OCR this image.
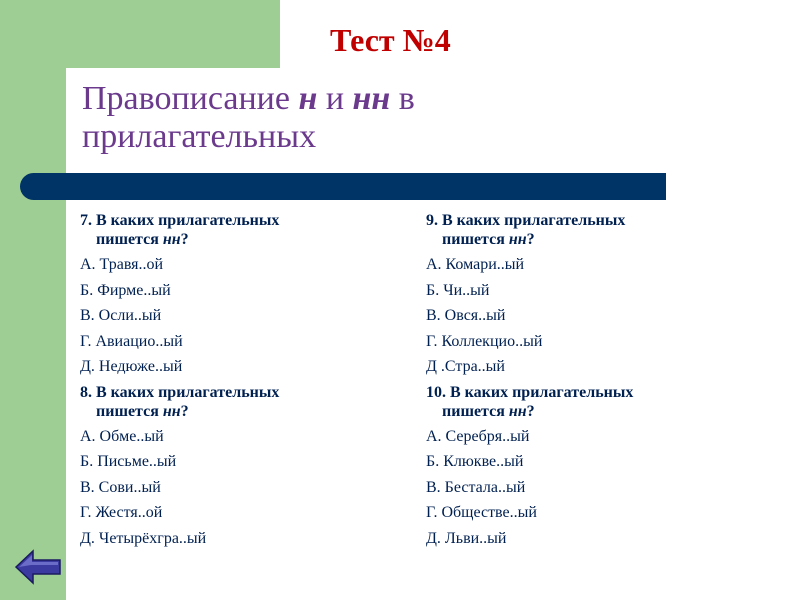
Тест №4
Правописание н и нн в
прилагательных
7. В каких прилагательных
пишется нн?
А. Травя..ой
Б. Фирме..ый
В. Осли..ый
Г. Авиацио..ый
Д. Недюже..ый
8. В каких прилагательных
пишется нн?
А. Обме..ый
Б. Письме..ый
В. Сови..ый
Г. Жестя..ой
Д. Четырёхгра..ый
9. В каких прилагательных
пишется нн?
А. Комари..ый
Б. Чи..ый
В. Овся..ый
Г. Коллекцио..ый
Д .Стра..ый
10. В каких прилагательных
пишется нн?
А. Серебря..ый
Б. Клюкве..ый
В. Бестала..ый
Г. Обществе..ый
Д. Льви..ый
